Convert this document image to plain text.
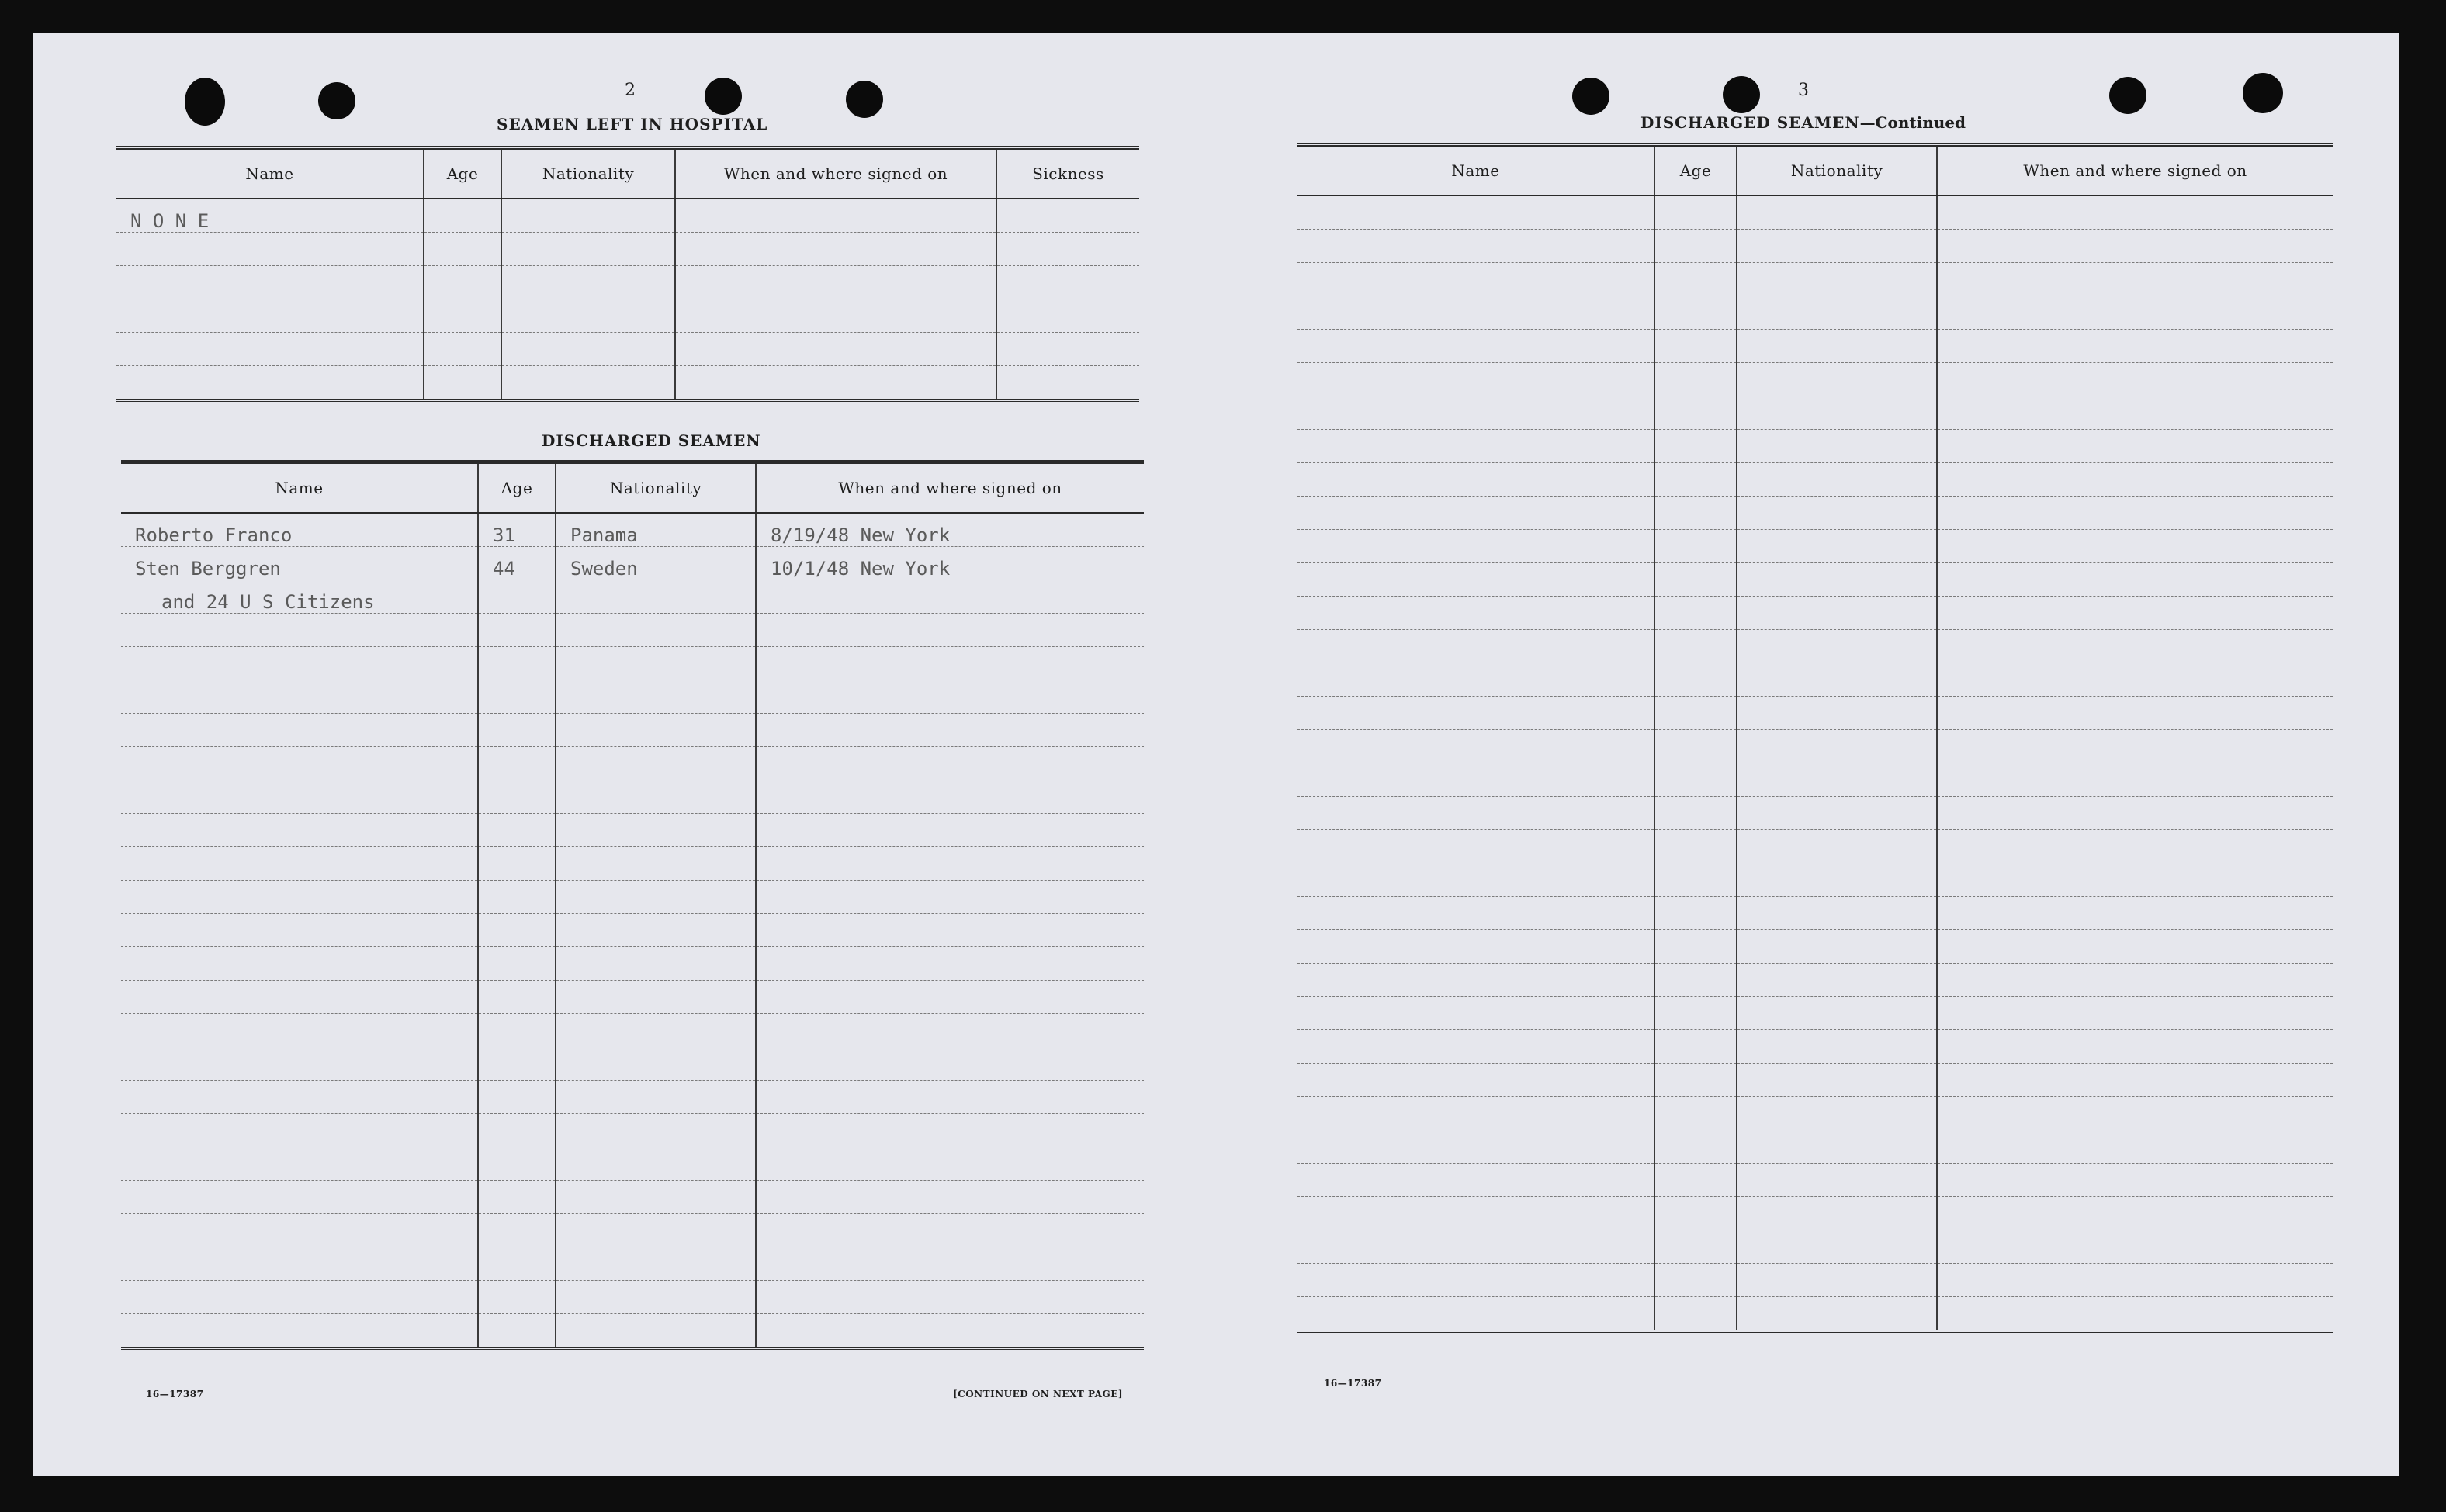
2
SEAMEN LEFT IN HOSPITAL
Name	Age	Nationality	When and where signed on	Sickness
N O N E				

DISCHARGED SEAMEN
Name	Age	Nationality	When and where signed on
Roberto Franco	31	Panama	8/19/48 New York
Sten Berggren	44	Sweden	10/1/48 New York
and 24 U S Citizens			

16—17387	[CONTINUED ON NEXT PAGE]
3
DISCHARGED SEAMEN—Continued
Name	Age	Nationality	When and where signed on

16—17387
